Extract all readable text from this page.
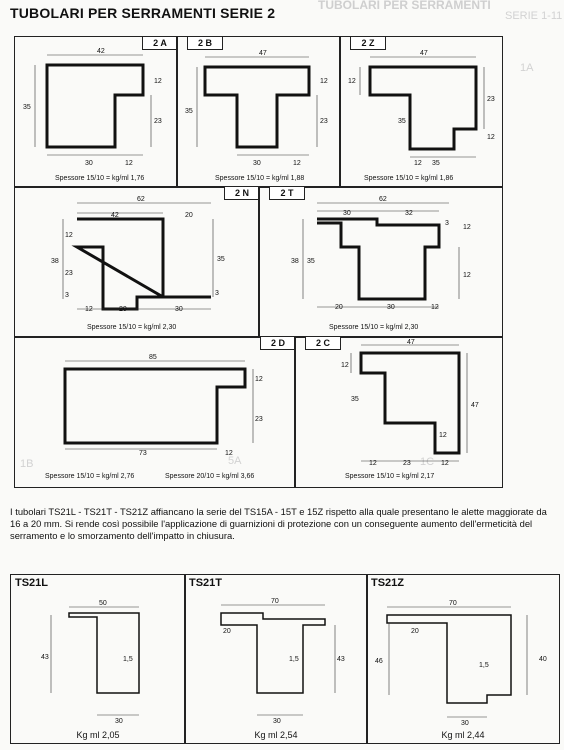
TUBOLARI PER SERRAMENTI
SERIE 1-11
1A
5A
1B	1C
TUBOLARI PER SERRAMENTI SERIE 2
2 A
42
35
23
12
30	12
Spessore 15/10 = kg/ml 1,76
2 B
47
35
12
23
30	12
Spessore 15/10 = kg/ml 1,88
2 Z
47
12
35
23
12
12 35
Spessore 15/10 = kg/ml 1,86
2 N
62
42	20
12
38
23
35
3	3
12	20	30
Spessore 15/10 = kg/ml 2,30
2 T
62
30	32
12
3
38 35
20	30
12
12
Spessore 15/10 = kg/ml 2,30
2 D
85
12
23
12
73
Spessore 15/10 = kg/ml 2,76	Spessore 20/10 = kg/ml 3,66
2 C	47
12
35
47
12
23
12	12
Spessore 15/10 = kg/ml 2,17
I tubolari TS21L - TS21T - TS21Z affiancano la serie del TS15A - 15T e 15Z rispetto alla quale presentano le alette maggiorate da 16 a 20 mm. Si rende così possibile l'applicazione di guarnizioni di protezione con un conseguente aumento dell'ermeticità del serramento e lo smorzamento dell'impatto in chiusura.
TS21L
50
43	1,5
30
Kg ml 2,05
TS21T
70
20
1,5	43
30
Kg ml 2,54
TS21Z
70
20
46
1,5
40
30
Kg ml 2,44
